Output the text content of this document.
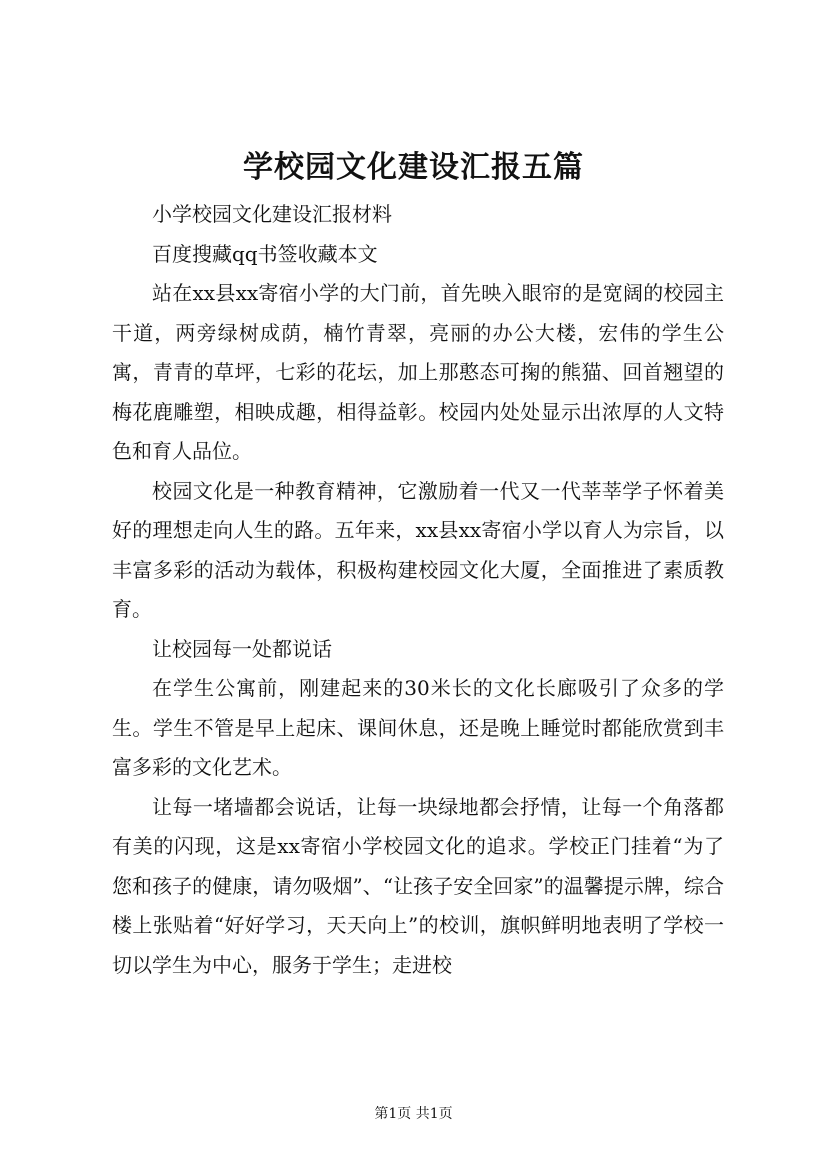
学校园文化建设汇报五篇

小学校园文化建设汇报材料

百度搜藏qq书签收藏本文

站在xx县xx寄宿小学的大门前，首先映入眼帘的是宽阔的校园主干道，两旁绿树成荫，楠竹青翠，亮丽的办公大楼，宏伟的学生公寓，青青的草坪，七彩的花坛，加上那憨态可掬的熊猫、回首翘望的梅花鹿雕塑，相映成趣，相得益彰。校园内处处显示出浓厚的人文特色和育人品位。

校园文化是一种教育精神，它激励着一代又一代莘莘学子怀着美好的理想走向人生的路。五年来，xx县xx寄宿小学以育人为宗旨，以丰富多彩的活动为载体，积极构建校园文化大厦，全面推进了素质教育。

让校园每一处都说话

在学生公寓前，刚建起来的30米长的文化长廊吸引了众多的学生。学生不管是早上起床、课间休息，还是晚上睡觉时都能欣赏到丰富多彩的文化艺术。

让每一堵墙都会说话，让每一块绿地都会抒情，让每一个角落都有美的闪现，这是xx寄宿小学校园文化的追求。学校正门挂着“为了您和孩子的健康，请勿吸烟”、“让孩子安全回家”的温馨提示牌，综合楼上张贴着“好好学习，天天向上”的校训，旗帜鲜明地表明了学校一切以学生为中心，服务于学生；走进校

第1页 共1页
